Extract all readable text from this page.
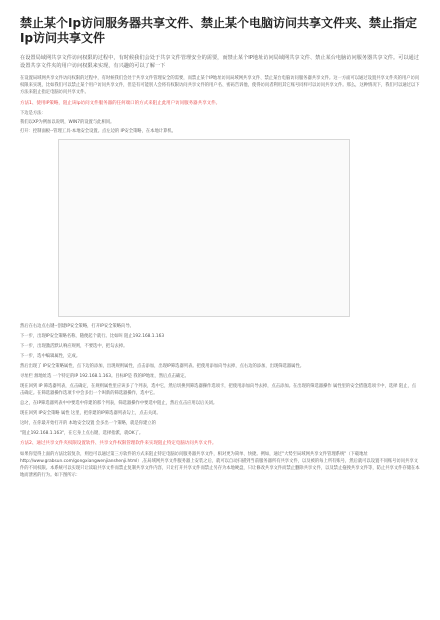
禁止某个Ip访问服务器共享文件、禁止某个电脑访问共享文件夹、禁止指定Ip访问共享文件

在设置局域网共享文件访问权限的过程中，有时候我们会处于共享文件管理安全的需要，而禁止某个IP地址访问局域网共享文件、禁止某台电脑访问服务器共享文件。可以通过设置共享文件夹的用户访问权限来实现，有兴趣的可以了解一下

在设置局域网共享文件访问权限的过程中，有时候我们会处于共享文件管理安全的需要，而禁止某个IP地址访问局域网共享文件、禁止某台电脑访问服务器共享文件。这一方面可以通过设置共享文件夹的用户访问权限来实现，比如我们可以禁止某个用户访问共享文件，但是有可能别人会将有权限访问共享文件的用户名、密码告诉他，使得访问者利用其它账号同样可以访问共享文件。那么，这种情况下，我们可以通过以下方法来阻止指定电脑访问共享文件。

方法1、使用IP策略，阻止该Ip访问文件服务器的任何端口的方式来阻止此用户访问服务器共享文件。

下边是方法：

我们以XP为例加以说明，WIN7的设置与此相同。

打开：控制面板--管理工具-本地安全设置。点左边的 IP安全策略，在本地计算机。

然后在右边点右键--创建IP安全策略，打开IP安全策略向导。

下一步，出现IP安全策略名称，随便起个就行。比如叫 阻止192.168.1.163

下一步，出现激活默认响应规则，不要选中，把勾去掉。

下一步，选中编辑属性，完成。

然后出现了 IP安全策略属性，点下边的添加，出现规则属性，点击添加，出现IP筛选器列表。把使用添加向导去掉，点右边的添加，出现筛选器属性。

寻址栏 源地址选 一个特定的IP 192.168.1.163。目标IP是 我的IP地址，然后点击确定。

现在回到 IP 筛选器列表，点击确定，在规则属性里应该多了个列表，选中它，然后切换到筛选器操作选项卡，把使用添加向导去掉，点击添加。在出现的筛选器操作 属性里的安全措施选项卡中，选择 阻止，点击确定。在筛选器操作选项卡中会多出一个叫新的筛选器操作，选中它。

总之，在IP筛选器列表中中要选中你建的那个列表，筛选器操作中要选中阻止，然后点击应用以后关闭。

现在回到 IP安全策略 属性 这里，把你建的IP筛选器列表勾上，点击关闭。

这时，在你最开始打开的 本地安全设置 会多出一个策略，就是你建立的

"阻止192.168.1.163"，在它身上点右键，选择指派，就OK了。

方法2、通过共享文件夹权限设置软件、共享文件权限管理软件来实现阻止特定电脑访问共享文件。

如果你觉得上面的方法比较复杂，则也可以通过第三方软件的方式来阻止特定电脑访问服务器共享文件，相对更为简单、快捷。例如，通过"大势至局域网共享文件管理系统"（下载地址 http://www.grabsun.com/gongxiangwenjianshenji.html）,在局域网共享文件服务器上安装之后，就可以自动扫描到当前服务器所有共享文件，以及被的每上所有账号，然后就可以设置不同账号访问共享文件的不同权限。本系统可以实现只让读取共享文件而禁止复制共享文件内容，只让打开共享文件而禁止另存为本地硬盘，只让修改共享文件而禁止删除共享文件，以及禁止拖拽共享文件等，防止共享文件存储在本地而泄密的行为。如下图所示：
